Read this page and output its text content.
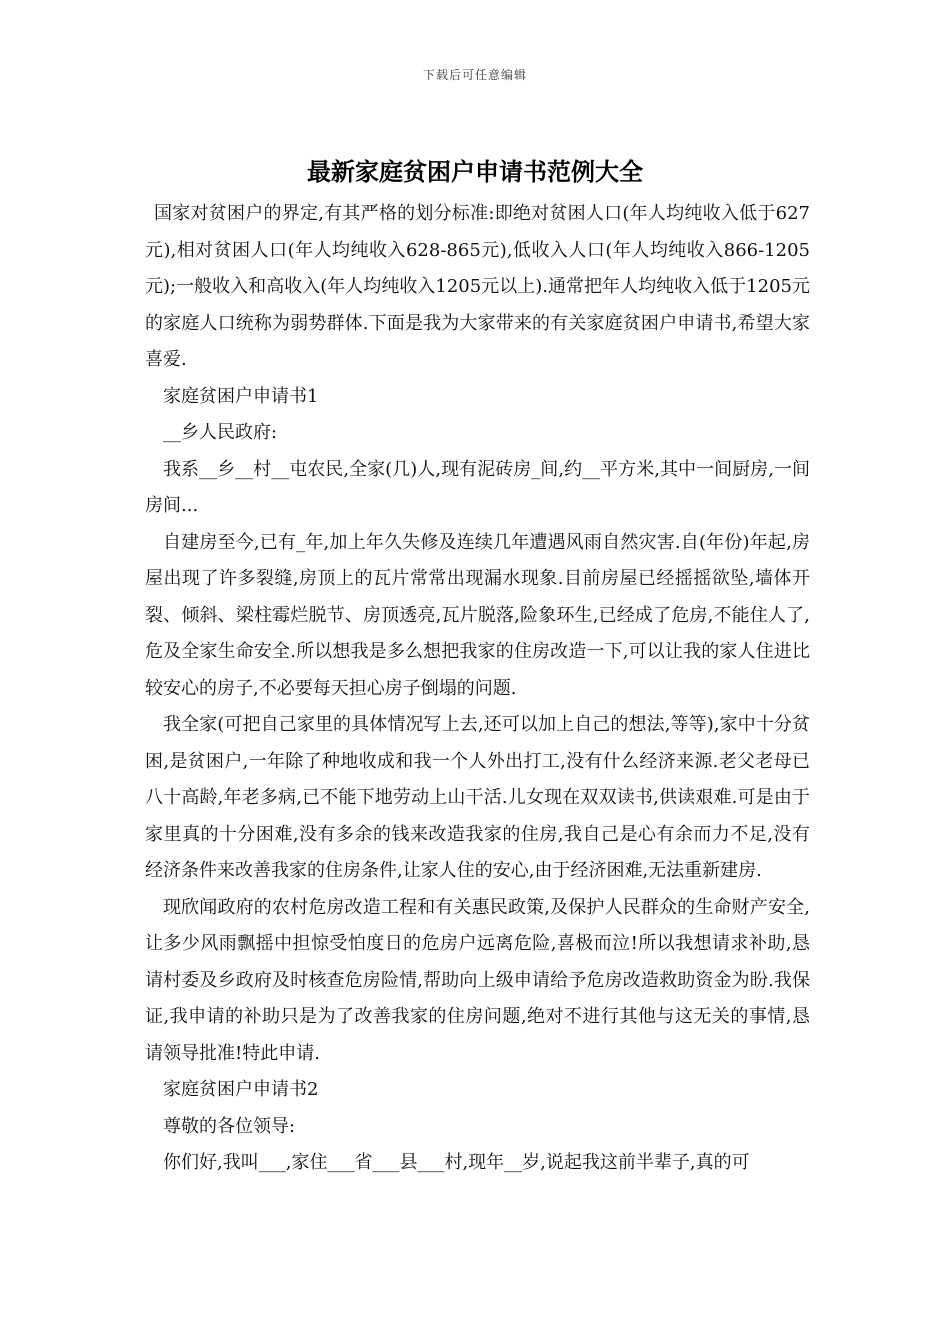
下载后可任意编辑
最新家庭贫困户申请书范例大全

国家对贫困户的界定,有其严格的划分标准:即绝对贫困人口(年人均纯收入低于627元),相对贫困人口(年人均纯收入628-865元),低收入人口(年人均纯收入866-1205元);一般收入和高收入(年人均纯收入1205元以上).通常把年人均纯收入低于1205元的家庭人口统称为弱势群体.下面是我为大家带来的有关家庭贫困户申请书,希望大家喜爱.

家庭贫困户申请书1

__乡人民政府:

我系__乡__村__屯农民,全家(几)人,现有泥砖房_间,约__平方米,其中一间厨房,一间房间...

自建房至今,已有_年,加上年久失修及连续几年遭遇风雨自然灾害.自(年份)年起,房屋出现了许多裂缝,房顶上的瓦片常常出现漏水现象.目前房屋已经摇摇欲坠,墙体开裂、倾斜、梁柱霉烂脱节、房顶透亮,瓦片脱落,险象环生,已经成了危房,不能住人了,危及全家生命安全.所以想我是多么想把我家的住房改造一下,可以让我的家人住进比较安心的房子,不必要每天担心房子倒塌的问题.

我全家(可把自己家里的具体情况写上去,还可以加上自己的想法,等等),家中十分贫困,是贫困户,一年除了种地收成和我一个人外出打工,没有什么经济来源.老父老母已八十高龄,年老多病,已不能下地劳动上山干活.儿女现在双双读书,供读艰难.可是由于家里真的十分困难,没有多余的钱来改造我家的住房,我自己是心有余而力不足,没有经济条件来改善我家的住房条件,让家人住的安心,由于经济困难,无法重新建房.

现欣闻政府的农村危房改造工程和有关惠民政策,及保护人民群众的生命财产安全,让多少风雨飘摇中担惊受怕度日的危房户远离危险,喜极而泣!所以我想请求补助,恳请村委及乡政府及时核查危房险情,帮助向上级申请给予危房改造救助资金为盼.我保证,我申请的补助只是为了改善我家的住房问题,绝对不进行其他与这无关的事情,恳请领导批准!特此申请.

家庭贫困户申请书2

尊敬的各位领导:

你们好,我叫___,家住___省___县___村,现年__岁,说起我这前半辈子,真的可
